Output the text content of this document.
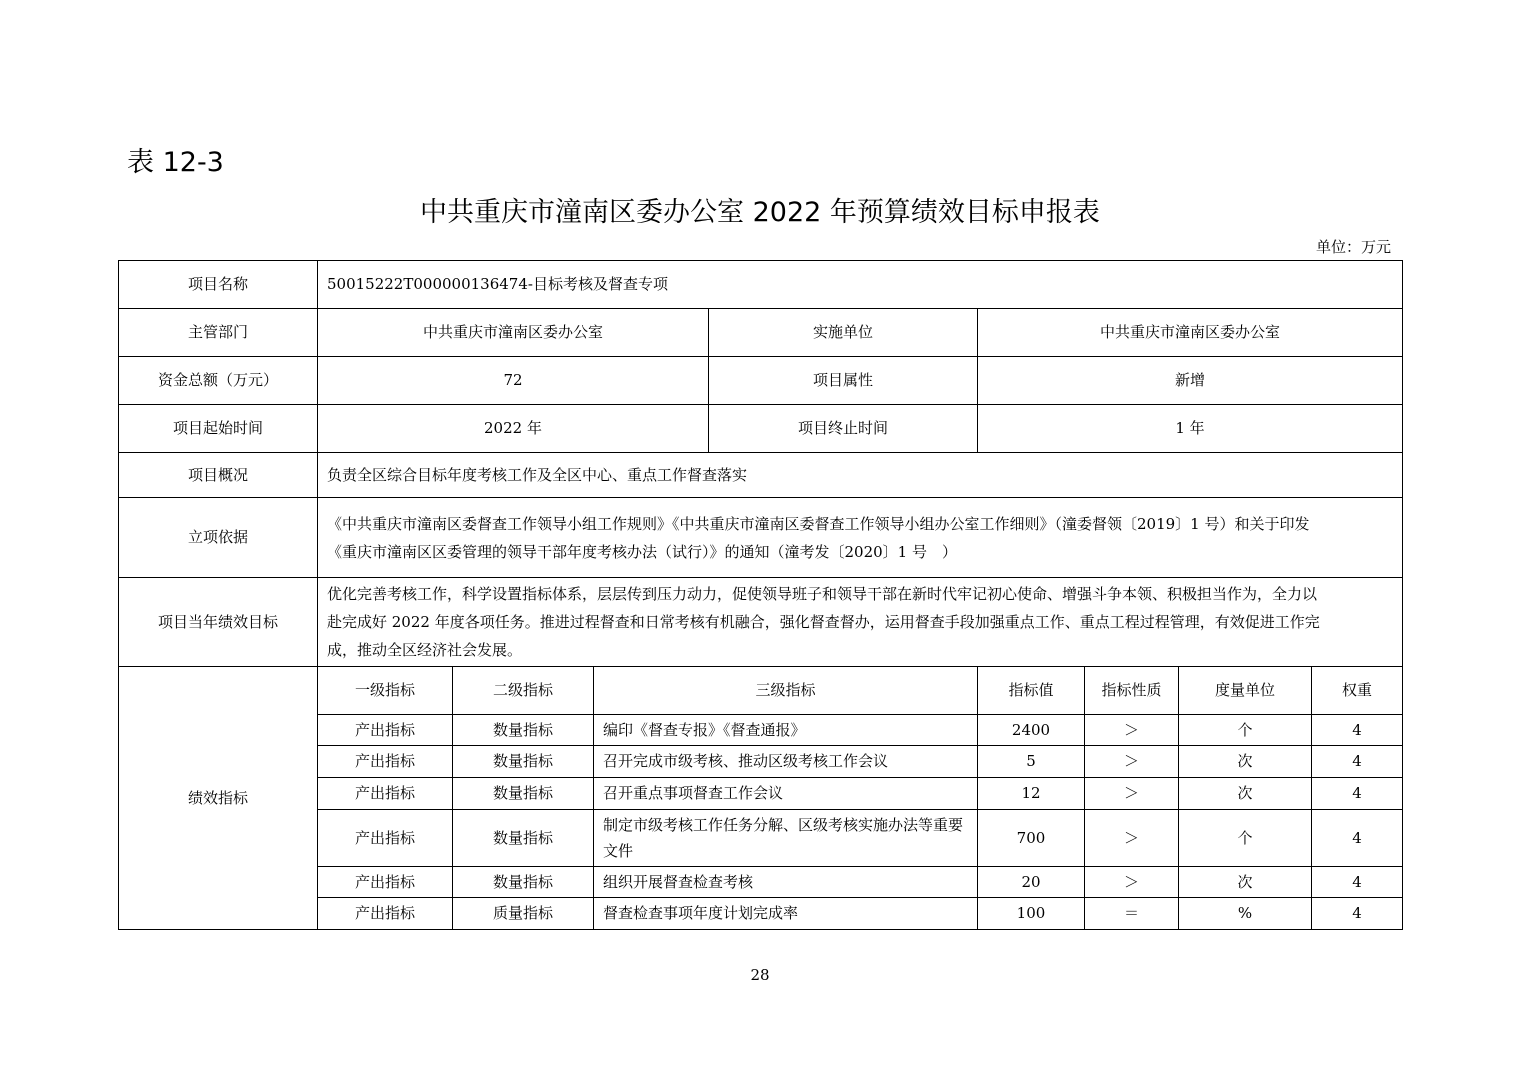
表 12-3
中共重庆市潼南区委办公室 2022 年预算绩效目标申报表
单位：万元
项目名称	50015222T000000136474-目标考核及督查专项							
主管部门	中共重庆市潼南区委办公室			实施单位	中共重庆市潼南区委办公室			
资金总额（万元）	72			项目属性	新增			
项目起始时间	2022 年			项目终止时间	1 年			
项目概况	负责全区综合目标年度考核工作及全区中心、重点工作督查落实							
立项依据	《中共重庆市潼南区委督查工作领导小组工作规则》《中共重庆市潼南区委督查工作领导小组办公室工作细则》（潼委督领〔2019〕1 号）和关于印发
《重庆市潼南区区委管理的领导干部年度考核办法（试行）》的通知（潼考发〔2020〕1 号　）							

项目当年绩效目标	优化完善考核工作，科学设置指标体系，层层传到压力动力，促使领导班子和领导干部在新时代牢记初心使命、增强斗争本领、积极担当作为，全力以
赴完成好 2022 年度各项任务。推进过程督查和日常考核有机融合，强化督查督办，运用督查手段加强重点工作、重点工程过程管理，有效促进工作完
成，推动全区经济社会发展。							

绩效指标	一级指标	二级指标	三级指标		指标值	指标性质	度量单位	权重
	产出指标	数量指标	编印《督查专报》《督查通报》		2400	＞	个	4
	产出指标	数量指标	召开完成市级考核、推动区级考核工作会议		5	＞	次	4
	产出指标	数量指标	召开重点事项督查工作会议		12	＞	次	4
	产出指标	数量指标	制定市级考核工作任务分解、区级考核实施办法等重要文件		700	＞	个	4
	产出指标	数量指标	组织开展督查检查考核		20	＞	次	4
	产出指标	质量指标	督查检查事项年度计划完成率		100	＝	%	4
28
